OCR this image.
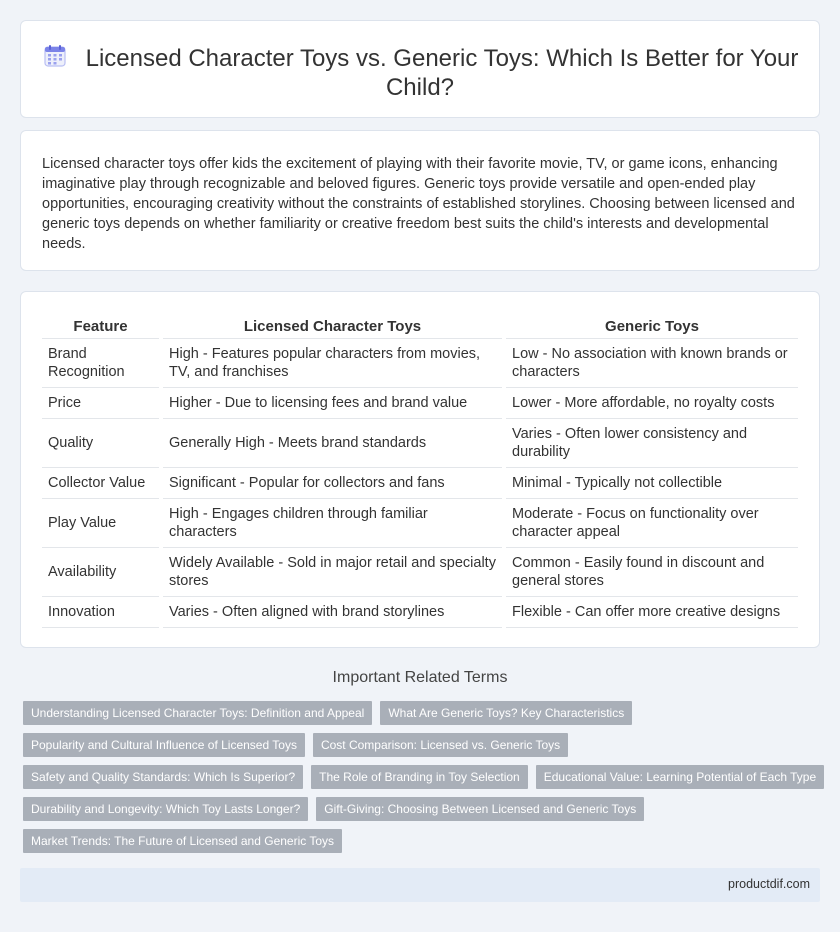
Licensed Character Toys vs. Generic Toys: Which Is Better for Your Child?

Licensed character toys offer kids the excitement of playing with their favorite movie, TV, or game icons, enhancing imaginative play through recognizable and beloved figures. Generic toys provide versatile and open-ended play opportunities, encouraging creativity without the constraints of established storylines. Choosing between licensed and generic toys depends on whether familiarity or creative freedom best suits the child's interests and developmental needs.

Feature	Licensed Character Toys	Generic Toys
Brand Recognition	High - Features popular characters from movies, TV, and franchises	Low - No association with known brands or characters
Price	Higher - Due to licensing fees and brand value	Lower - More affordable, no royalty costs
Quality	Generally High - Meets brand standards	Varies - Often lower consistency and durability
Collector Value	Significant - Popular for collectors and fans	Minimal - Typically not collectible
Play Value	High - Engages children through familiar characters	Moderate - Focus on functionality over character appeal
Availability	Widely Available - Sold in major retail and specialty stores	Common - Easily found in discount and general stores
Innovation	Varies - Often aligned with brand storylines	Flexible - Can offer more creative designs
Important Related Terms
Understanding Licensed Character Toys: Definition and Appeal	What Are Generic Toys? Key Characteristics
Popularity and Cultural Influence of Licensed Toys	Cost Comparison: Licensed vs. Generic Toys
Safety and Quality Standards: Which Is Superior?	The Role of Branding in Toy Selection	Educational Value: Learning Potential of Each Type
Durability and Longevity: Which Toy Lasts Longer?	Gift-Giving: Choosing Between Licensed and Generic Toys
Market Trends: The Future of Licensed and Generic Toys
productdif.com
